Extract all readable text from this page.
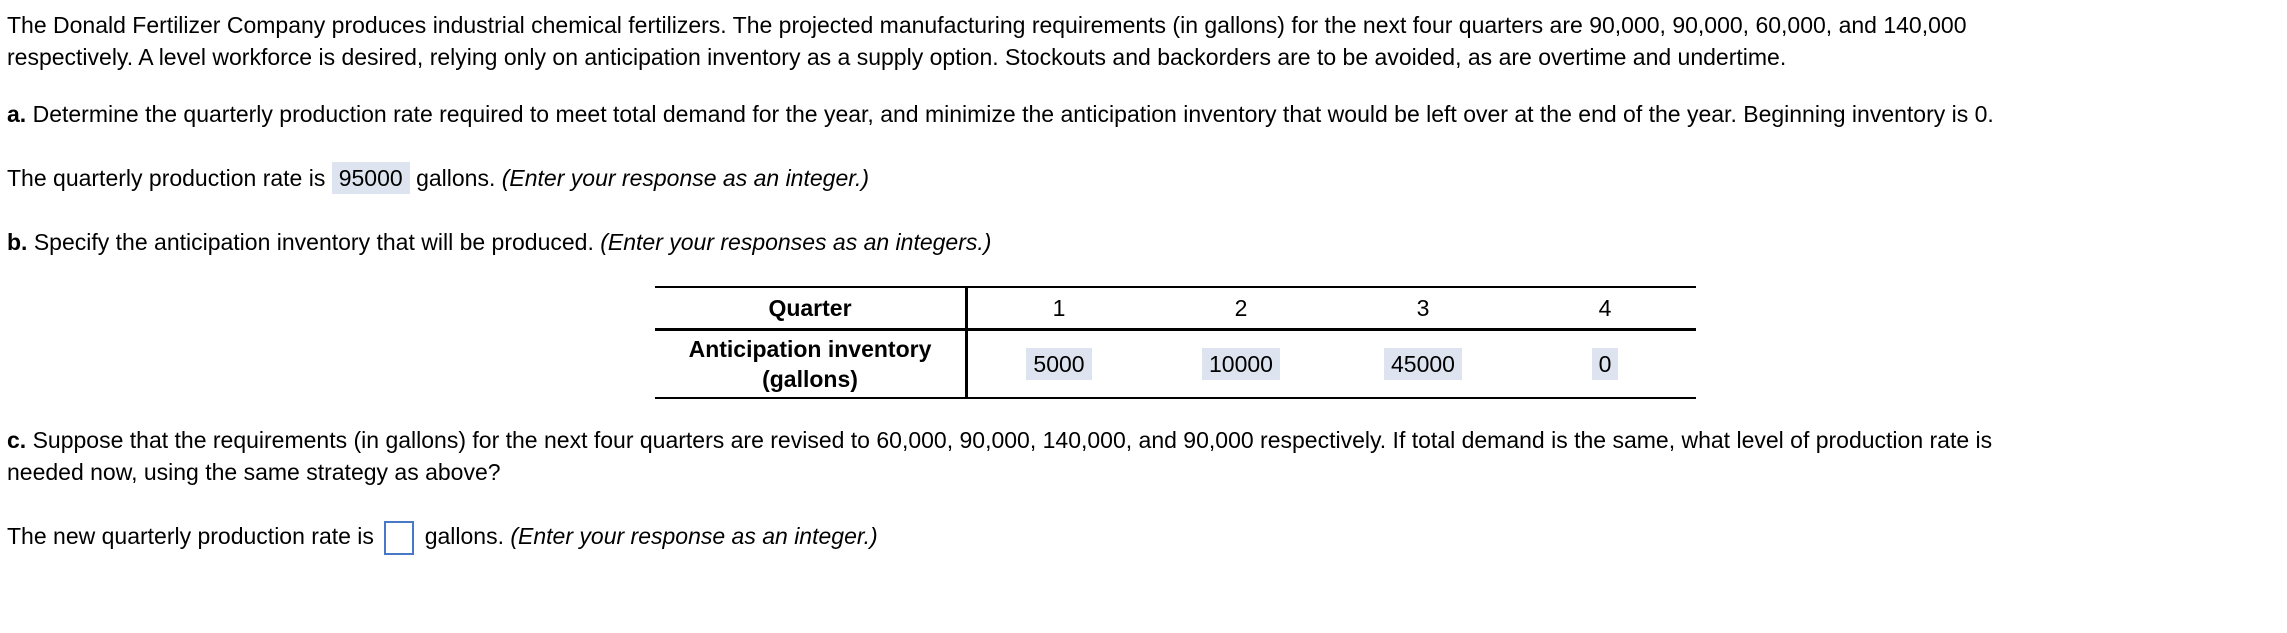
The Donald Fertilizer Company produces industrial chemical fertilizers. The projected manufacturing requirements (in gallons) for the next four quarters are 90,000, 90,000, 60,000, and 140,000

respectively. A level workforce is desired, relying only on anticipation inventory as a supply option. Stockouts and backorders are to be avoided, as are overtime and undertime.

a. Determine the quarterly production rate required to meet total demand for the year, and minimize the anticipation inventory that would be left over at the end of the year. Beginning inventory is 0.

The quarterly production rate is 95000 gallons. (Enter your response as an integer.)

b. Specify the anticipation inventory that will be produced. (Enter your responses as an integers.)

Quarter	1	2	3	4
Anticipation inventory
(gallons)	5000	10000	45000	0

c. Suppose that the requirements (in gallons) for the next four quarters are revised to 60,000, 90,000, 140,000, and 90,000 respectively. If total demand is the same, what level of production rate is

needed now, using the same strategy as above?

The new quarterly production rate is gallons. (Enter your response as an integer.)
